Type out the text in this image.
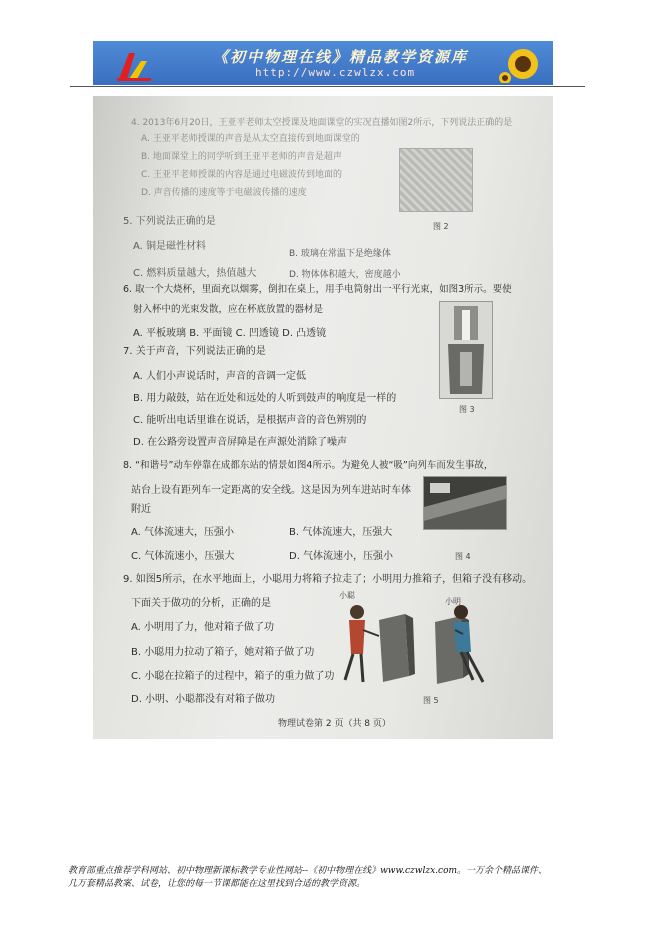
《初中物理在线》精品教学资源库
http://www.czwlzx.com
4. 2013年6月20日，王亚平老师太空授课及地面课堂的实况直播如图2所示，下列说法正确的是
A. 王亚平老师授课的声音是从太空直接传到地面课堂的
B. 地面课堂上的同学听到王亚平老师的声音是超声
C. 王亚平老师授课的内容是通过电磁波传到地面的
D. 声音传播的速度等于电磁波传播的速度
图 2
5. 下列说法正确的是
A. 铜是磁性材料
B. 玻璃在常温下是绝缘体
C. 燃料质量越大，热值越大	D. 物体体积越大，密度越小
6. 取一个大烧杯，里面充以烟雾，倒扣在桌上，用手电筒射出一平行光束，如图3所示。要使
射入杯中的光束发散，应在杯底放置的器材是
A. 平板玻璃 B. 平面镜 C. 凹透镜 D. 凸透镜
图 3
7. 关于声音，下列说法正确的是
A. 人们小声说话时，声音的音调一定低
B. 用力敲鼓，站在近处和远处的人听到鼓声的响度是一样的
C. 能听出电话里谁在说话，是根据声音的音色辨别的
D. 在公路旁设置声音屏障是在声源处消除了噪声
8. “和谐号”动车停靠在成都东站的情景如图4所示。为避免人被“吸”向列车而发生事故，
站台上设有距列车一定距离的安全线。这是因为列车进站时车体
附近
A. 气体流速大，压强小	B. 气体流速大，压强大
C. 气体流速小，压强大	D. 气体流速小，压强小	图 4
9. 如图5所示，在水平地面上，小聪用力将箱子拉走了；小明用力推箱子，但箱子没有移动。
下面关于做功的分析，正确的是
A. 小明用了力，他对箱子做了功
B. 小聪用力拉动了箱子，她对箱子做了功
C. 小聪在拉箱子的过程中，箱子的重力做了功
D. 小明、小聪都没有对箱子做功
小聪
小明
图 5
物理试卷第 2 页（共 8 页）
教育部重点推荐学科网站、初中物理新课标教学专业性网站--《初中物理在线》www.czwlzx.com。一万余个精品课件、
几万套精品教案、试卷，让您的每一节课都能在这里找到合适的教学资源。
